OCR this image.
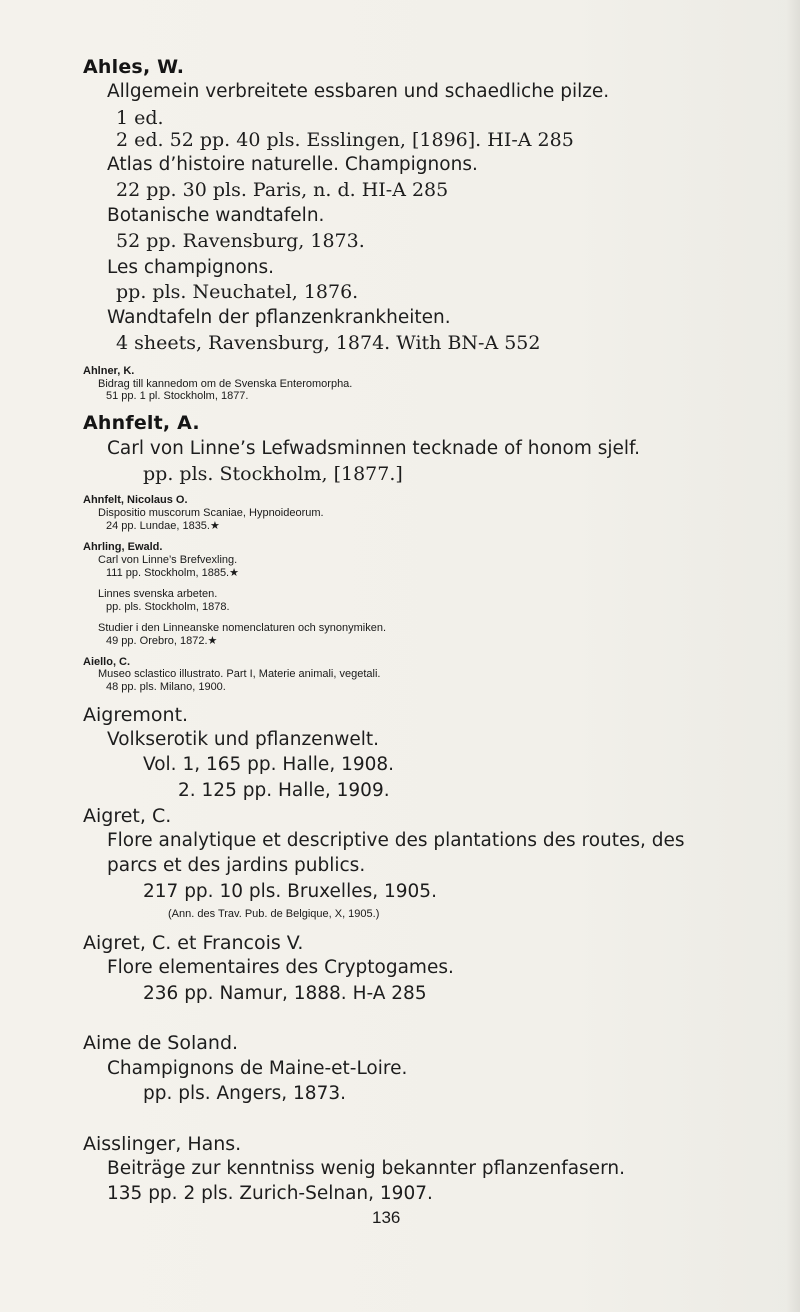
Ahles, W.
Allgemein verbreitete essbaren und schaedliche pilze.
1 ed.
2 ed. 52 pp. 40 pls. Esslingen, [1896]. HI-A 285
Atlas d’histoire naturelle. Champignons.
22 pp. 30 pls. Paris, n. d. HI-A 285
Botanische wandtafeln.
52 pp. Ravensburg, 1873.
Les champignons.
pp. pls. Neuchatel, 1876.
Wandtafeln der pflanzenkrankheiten.
4 sheets, Ravensburg, 1874. With BN-A 552
Ahlner, K.
Bidrag till kannedom om de Svenska Enteromorpha.
51 pp. 1 pl. Stockholm, 1877.
Ahnfelt, A.
Carl von Linne’s Lefwadsminnen tecknade of honom sjelf.
pp. pls. Stockholm, [1877.]
Ahnfelt, Nicolaus O.
Dispositio muscorum Scaniae, Hypnoideorum.
24 pp. Lundae, 1835.★
Ahrling, Ewald.
Carl von Linne’s Brefvexling.
111 pp. Stockholm, 1885.★
Linnes svenska arbeten.
pp. pls. Stockholm, 1878.
Studier i den Linneanske nomenclaturen och synonymiken.
49 pp. Orebro, 1872.★
Aiello, C.
Museo sclastico illustrato. Part I, Materie animali, vegetali.
48 pp. pls. Milano, 1900.
Aigremont.
Volkserotik und pflanzenwelt.
Vol. 1, 165 pp. Halle, 1908.
2. 125 pp. Halle, 1909.
Aigret, C.
Flore analytique et descriptive des plantations des routes, des
parcs et des jardins publics.
217 pp. 10 pls. Bruxelles, 1905.
(Ann. des Trav. Pub. de Belgique, X, 1905.)
Aigret, C. et Francois V.
Flore elementaires des Cryptogames.
236 pp. Namur, 1888. H-A 285
Aime de Soland.
Champignons de Maine-et-Loire.
pp. pls. Angers, 1873.
Aisslinger, Hans.
Beiträge zur kenntniss wenig bekannter pflanzenfasern.
135 pp. 2 pls. Zurich-Selnan, 1907.
136
